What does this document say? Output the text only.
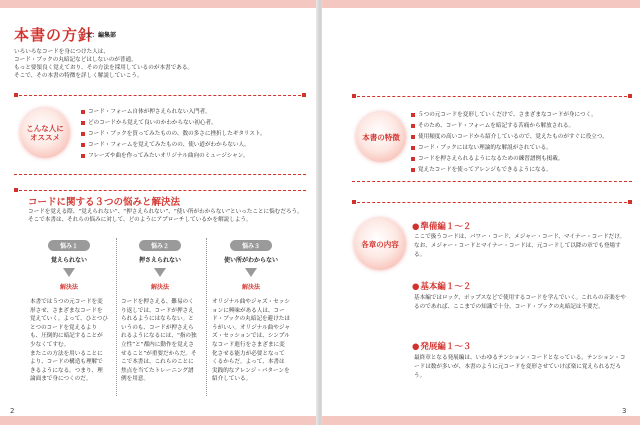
本書の方針
文：編集部
いろいろなコードを身につけた人は、
コード・ブックの丸暗記などはしないのが普通。
もっと要領良く覚えており、その方法を採用しているのが本書である。
そこで、その本書の特徴を詳しく解説していこう。
こんな人に
オススメ
コード・フォーム自体が押さえられない入門者。
どのコードから覚えて良いのかわからない初心者。
コード・ブックを買ってみたものの、数の多さに挫折したギタリスト。
コード・フォームを覚えてみたものの、使い道がわからない人。
フレーズや曲を作ってみたいオリジナル曲向のミュージシャン。
コードに関する３つの悩みと解決法
コードを覚える際、“覚えられない”、“押さえられない”、“使い所がわからない”といったことに悩むだろう。そこで本書は、それらの悩みに対して、どのようにアプローチしているかを解説しよう。
悩み１
覚えられない
解決法
本書では５つの元コードを変形させ、さまざまなコードを覚えていく。よって、ひとつひとつのコードを覚えるよりも、圧倒的に暗記することが少なくてすむ。
またこの方法を用いることにより、コードの構造も理解できるようになる。つまり、理論面まで身につくのだ。
悩み２
押さえられない
解決法
コードを押さえる、難易のくり返しでは、コードが押さえられるようにはならない。というのも、コードが押さえられるようになるには、“指の独立性”と“都内に動作を覚えさせること”が重要だからだ。そこで本書は、これらのことに焦点を当てたトレーニング譜例を用意。
悩み３
使い所がわからない
解決法
オリジナル曲やジャズ・セッションに興味がある人は、コード・ブックの丸暗記を避けたほうがいい。オリジナル曲やジャズ・セッションでは、シンプルなコード進行をさまざまに変化させる能力が必要となってくるからだ。よって、本書は実践的なアレンジ・パターンを紹介している。
2
本書の特徴
５つの元コードを変形していくだけで、さまざまなコードが身につく。
そのため、コード・フォームを暗記する苦痛から解放される。
使用頻度の高いコードから紹介しているので、覚えたものがすぐに役立つ。
コード・ブックにはない理論的な解説がされている。
コードを押さえられるようになるための練習譜例も掲載。
覚えたコードを使ってアレンジもできるようになる。
各章の内容
● 準備編１～２
ここで扱うコードは、パワー・コード、メジャー・コード、マイナー・コードだけ。なお、メジャー・コードとマイナー・コードは、元コードして以降の章でも登場する。
● 基本編１～２
基本編ではロック、ポップスなどで使用するコードを学んでいく。これらの音楽をやるのであれば、ここまでの知識で十分。コード・ブックの丸暗記は不要だ。
● 発展編１～３
最終章となる発展編は、いわゆるテンション・コードとなっている。テンション・コードは数が多いが、本書のように元コードを変形させていけば楽に覚えられるだろう。
3
